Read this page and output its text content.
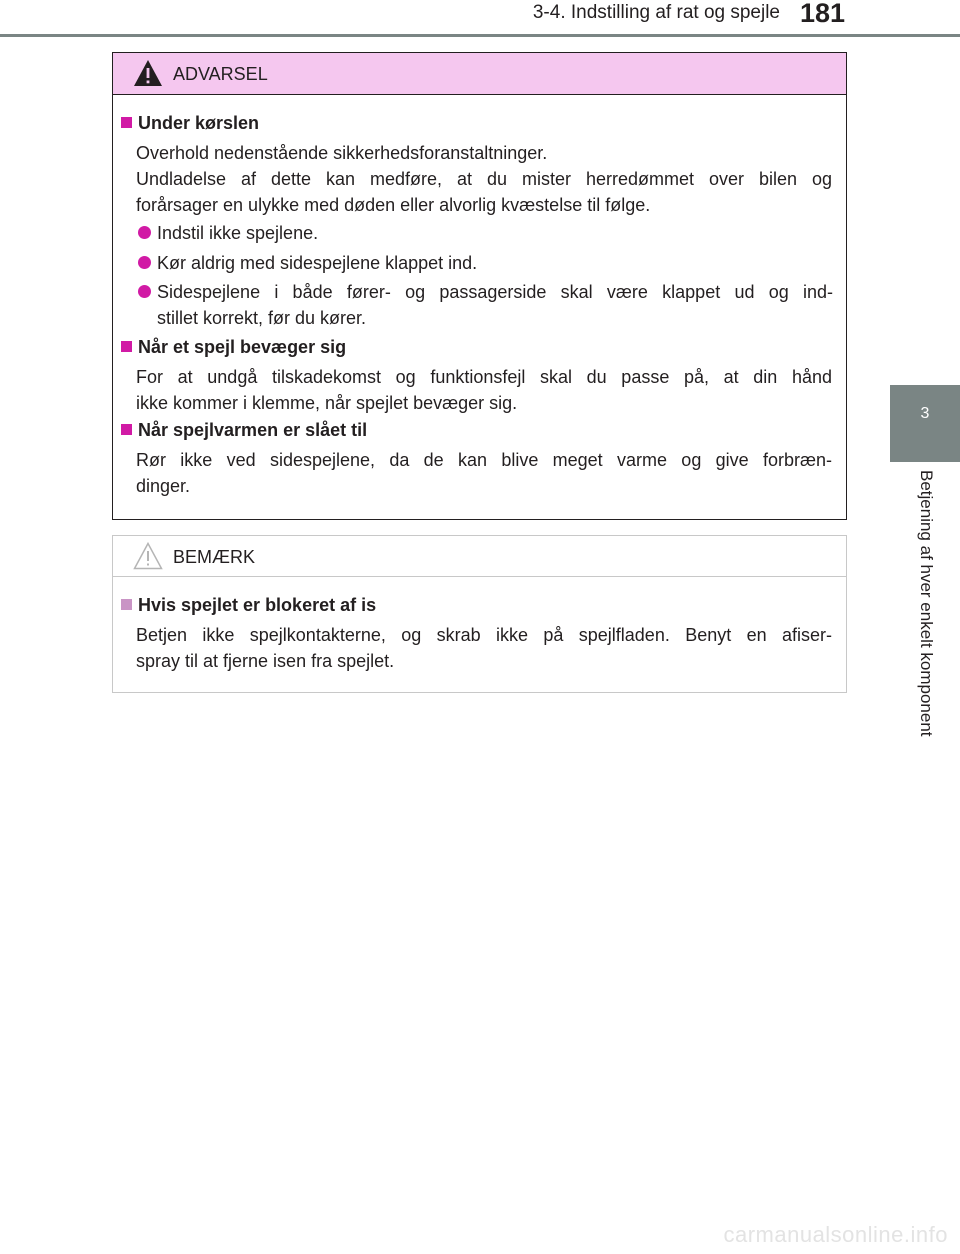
3-4. Indstilling af rat og spejle 181
3
Betjening af hver enkelt komponent
ADVARSEL
Under kørslen
Overhold nedenstående sikkerhedsforanstaltninger.
Undladelse af dette kan medføre, at du mister herredømmet over bilen og
forårsager en ulykke med døden eller alvorlig kvæstelse til følge.
Indstil ikke spejlene.
Kør aldrig med sidespejlene klappet ind.
Sidespejlene i både fører- og passagerside skal være klappet ud og ind-
stillet korrekt, før du kører.
Når et spejl bevæger sig
For at undgå tilskadekomst og funktionsfejl skal du passe på, at din hånd
ikke kommer i klemme, når spejlet bevæger sig.
Når spejlvarmen er slået til
Rør ikke ved sidespejlene, da de kan blive meget varme og give forbræn-
dinger.
BEMÆRK
Hvis spejlet er blokeret af is
Betjen ikke spejlkontakterne, og skrab ikke på spejlfladen. Benyt en afiser-
spray til at fjerne isen fra spejlet.
carmanualsonline.info
